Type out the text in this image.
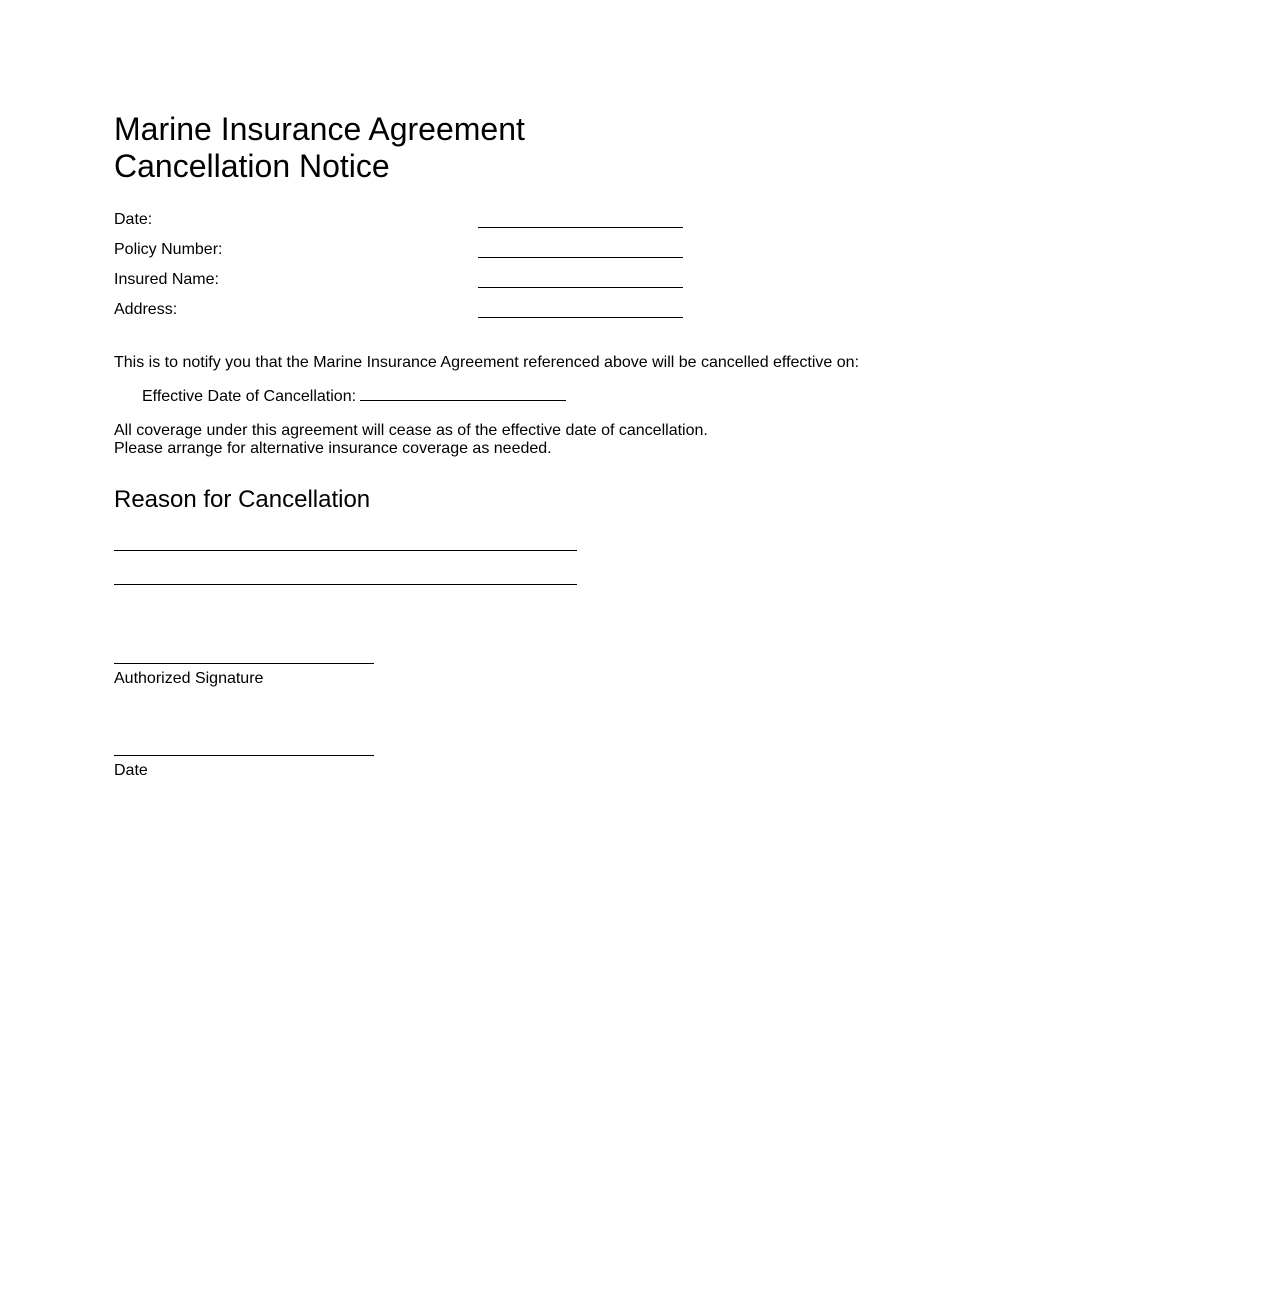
Marine Insurance Agreement
Cancellation Notice
Date:
Policy Number:
Insured Name:
Address:
This is to notify you that the Marine Insurance Agreement referenced above will be cancelled effective on:
Effective Date of Cancellation:
All coverage under this agreement will cease as of the effective date of cancellation.
Please arrange for alternative insurance coverage as needed.
Reason for Cancellation
Authorized Signature
Date
